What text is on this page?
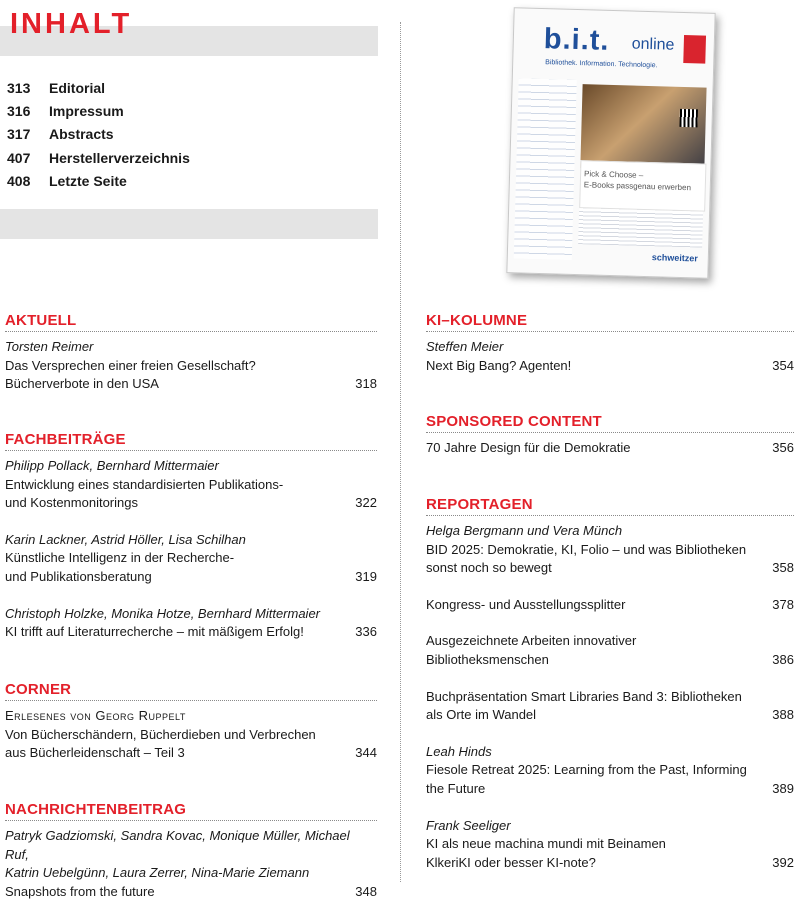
INHALT
313	Editorial
316	Impressum
317	Abstracts
407	Herstellerverzeichnis
408	Letzte Seite
b.i.t. online
Bibliothek. Information. Technologie.
Pick & Choose –
E-Books passgenau erwerben
schweitzer
AKTUELL
Torsten Reimer
Das Versprechen einer freien Gesellschaft?
Bücherverbote in den USA	318
FACHBEITRÄGE
Philipp Pollack, Bernhard Mittermaier
Entwicklung eines standardisierten Publikations-
und Kostenmonitorings	322
Karin Lackner, Astrid Höller, Lisa Schilhan
Künstliche Intelligenz in der Recherche-
und Publikationsberatung	319
Christoph Holzke, Monika Hotze, Bernhard Mittermaier
KI trifft auf Literaturrecherche – mit mäßigem Erfolg!	336
CORNER
Erlesenes von Georg Ruppelt
Von Bücherschändern, Bücherdieben und Verbrechen
aus Bücherleidenschaft – Teil 3	344
NACHRICHTENBEITRAG
Patryk Gadziomski, Sandra Kovac, Monique Müller, Michael Ruf,
Katrin Uebelgünn, Laura Zerrer, Nina-Marie Ziemann
Snapshots from the future	348
KI–KOLUMNE
Steffen Meier
Next Big Bang? Agenten!	354
SPONSORED CONTENT
70 Jahre Design für die Demokratie	356
REPORTAGEN
Helga Bergmann und Vera Münch
BID 2025: Demokratie, KI, Folio – und was Bibliotheken
sonst noch so bewegt	358
Kongress- und Ausstellungssplitter	378
Ausgezeichnete Arbeiten innovativer
Bibliotheksmenschen	386
Buchpräsentation Smart Libraries Band 3: Bibliotheken
als Orte im Wandel	388
Leah Hinds
Fiesole Retreat 2025: Learning from the Past, Informing
the Future	389
Frank Seeliger
KI als neue machina mundi mit Beinamen
KlkeriKI oder besser KI-note?	392
